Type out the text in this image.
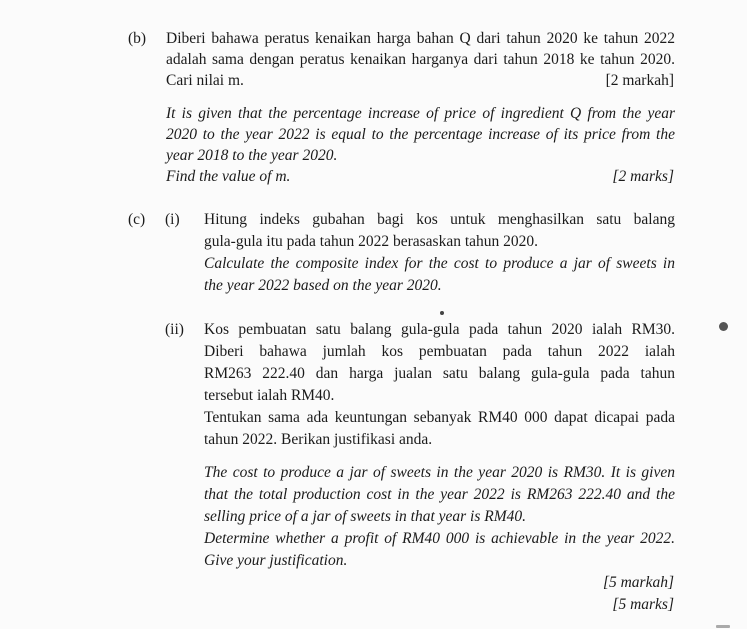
(b) Diberi bahawa peratus kenaikan harga bahan Q dari tahun 2020 ke tahun 2022
adalah sama dengan peratus kenaikan harganya dari tahun 2018 ke tahun 2020.
Cari nilai m.	[2 markah]
It is given that the percentage increase of price of ingredient Q from the year
2020 to the year 2022 is equal to the percentage increase of its price from the
year 2018 to the year 2020.
Find the value of m.	[2 marks]
(c) (i) Hitung indeks gubahan bagi kos untuk menghasilkan satu balang
gula-gula itu pada tahun 2022 berasaskan tahun 2020.
Calculate the composite index for the cost to produce a jar of sweets in
the year 2022 based on the year 2020.
(ii) Kos pembuatan satu balang gula-gula pada tahun 2020 ialah RM30.
Diberi bahawa jumlah kos pembuatan pada tahun 2022 ialah
RM263 222.40 dan harga jualan satu balang gula-gula pada tahun
tersebut ialah RM40.
Tentukan sama ada keuntungan sebanyak RM40 000 dapat dicapai pada
tahun 2022. Berikan justifikasi anda.
The cost to produce a jar of sweets in the year 2020 is RM30. It is given
that the total production cost in the year 2022 is RM263 222.40 and the
selling price of a jar of sweets in that year is RM40.
Determine whether a profit of RM40 000 is achievable in the year 2022.
Give your justification.
[5 markah]
[5 marks]
